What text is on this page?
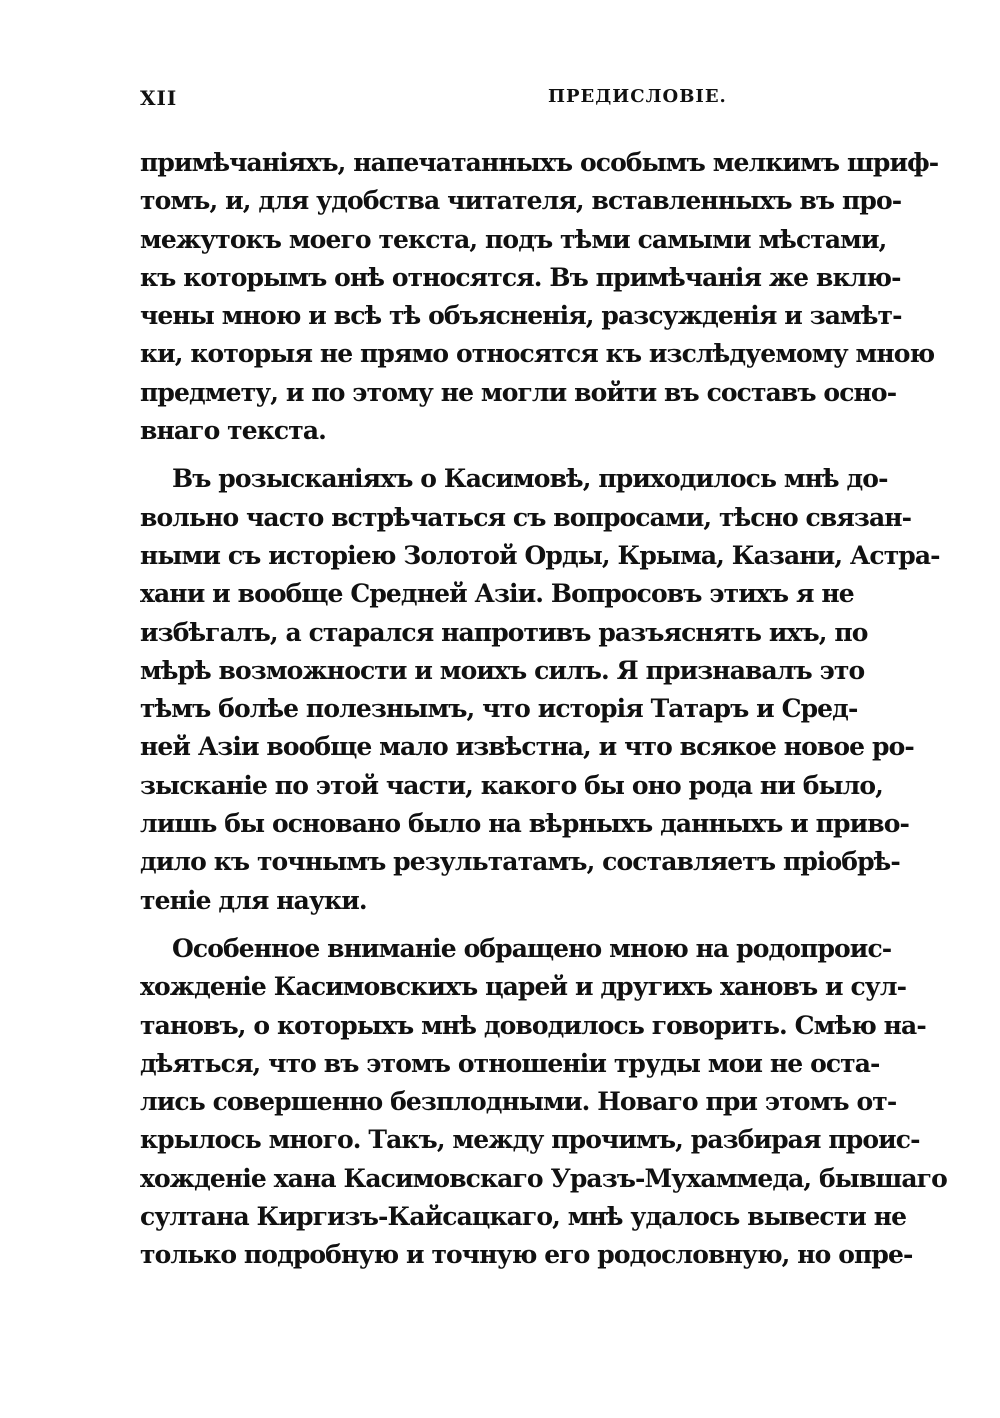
XII	ПРЕДИСЛОВІЕ.
примѣчаніяхъ, напечатанныхъ особымъ мелкимъ шриф-
томъ, и, для удобства читателя, вставленныхъ въ про-
межутокъ моего текста, подъ тѣми самыми мѣстами,
къ которымъ онѣ относятся. Въ примѣчанія же вклю-
чены мною и всѣ тѣ объясненія, разсужденія и замѣт-
ки, которыя не прямо относятся къ изслѣдуемому мною
предмету, и по этому не могли войти въ составъ осно-
внаго текста.
Въ розысканіяхъ о Касимовѣ, приходилось мнѣ до-
вольно часто встрѣчаться съ вопросами, тѣсно связан-
ными съ исторіею Золотой Орды, Крыма, Казани, Астра-
хани и вообще Средней Азіи. Вопросовъ этихъ я не
избѣгалъ, а старался напротивъ разъяснять ихъ, по
мѣрѣ возможности и моихъ силъ. Я признавалъ это
тѣмъ болѣе полезнымъ, что исторія Татаръ и Сред-
ней Азіи вообще мало извѣстна, и что всякое новое ро-
зысканіе по этой части, какого бы оно рода ни было,
лишь бы основано было на вѣрныхъ данныхъ и приво-
дило къ точнымъ результатамъ, составляетъ пріобрѣ-
теніе для науки.
Особенное вниманіе обращено мною на родопроис-
хожденіе Касимовскихъ царей и другихъ хановъ и сул-
тановъ, о которыхъ мнѣ доводилось говорить. Смѣю на-
дѣяться, что въ этомъ отношеніи труды мои не оста-
лись совершенно безплодными. Новаго при этомъ от-
крылось много. Такъ, между прочимъ, разбирая проис-
хожденіе хана Касимовскаго Уразъ-Мухаммеда, бывшаго
султана Киргизъ-Кайсацкаго, мнѣ удалось вывести не
только подробную и точную его родословную, но опре-
